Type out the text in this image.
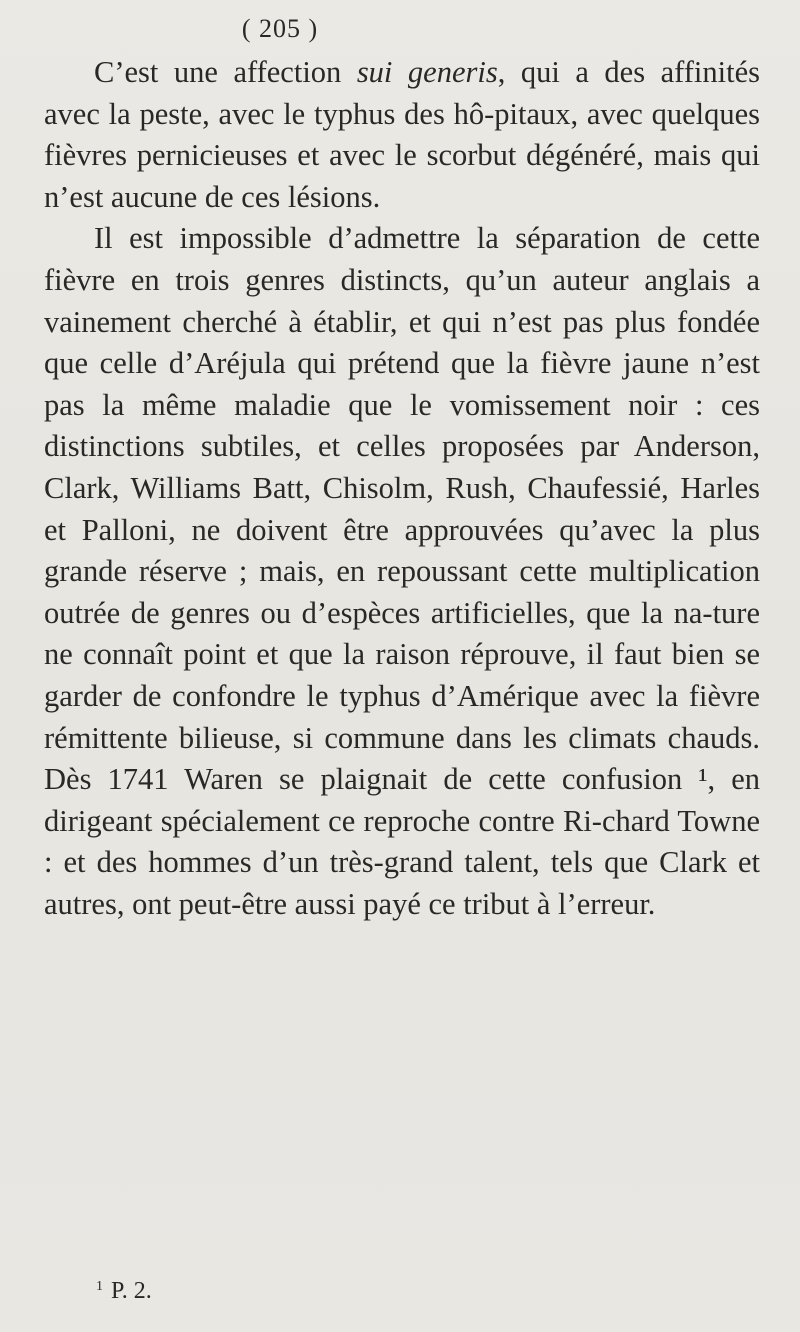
( 205 )

C’est une affection sui generis, qui a des affinités avec la peste, avec le typhus des hô-pitaux, avec quelques fièvres pernicieuses et avec le scorbut dégénéré, mais qui n’est aucune de ces lésions.

Il est impossible d’admettre la séparation de cette fièvre en trois genres distincts, qu’un auteur anglais a vainement cherché à établir, et qui n’est pas plus fondée que celle d’Aréjula qui prétend que la fièvre jaune n’est pas la même maladie que le vomissement noir : ces distinctions subtiles, et celles proposées par Anderson, Clark, Williams Batt, Chisolm, Rush, Chaufessié, Harles et Palloni, ne doivent être approuvées qu’avec la plus grande réserve ; mais, en repoussant cette multiplication outrée de genres ou d’espèces artificielles, que la na-ture ne connaît point et que la raison réprouve, il faut bien se garder de confondre le typhus d’Amérique avec la fièvre rémittente bilieuse, si commune dans les climats chauds. Dès 1741 Waren se plaignait de cette confusion ¹, en dirigeant spécialement ce reproche contre Ri-chard Towne : et des hommes d’un très-grand talent, tels que Clark et autres, ont peut-être aussi payé ce tribut à l’erreur.

$^1$ P. 2.
